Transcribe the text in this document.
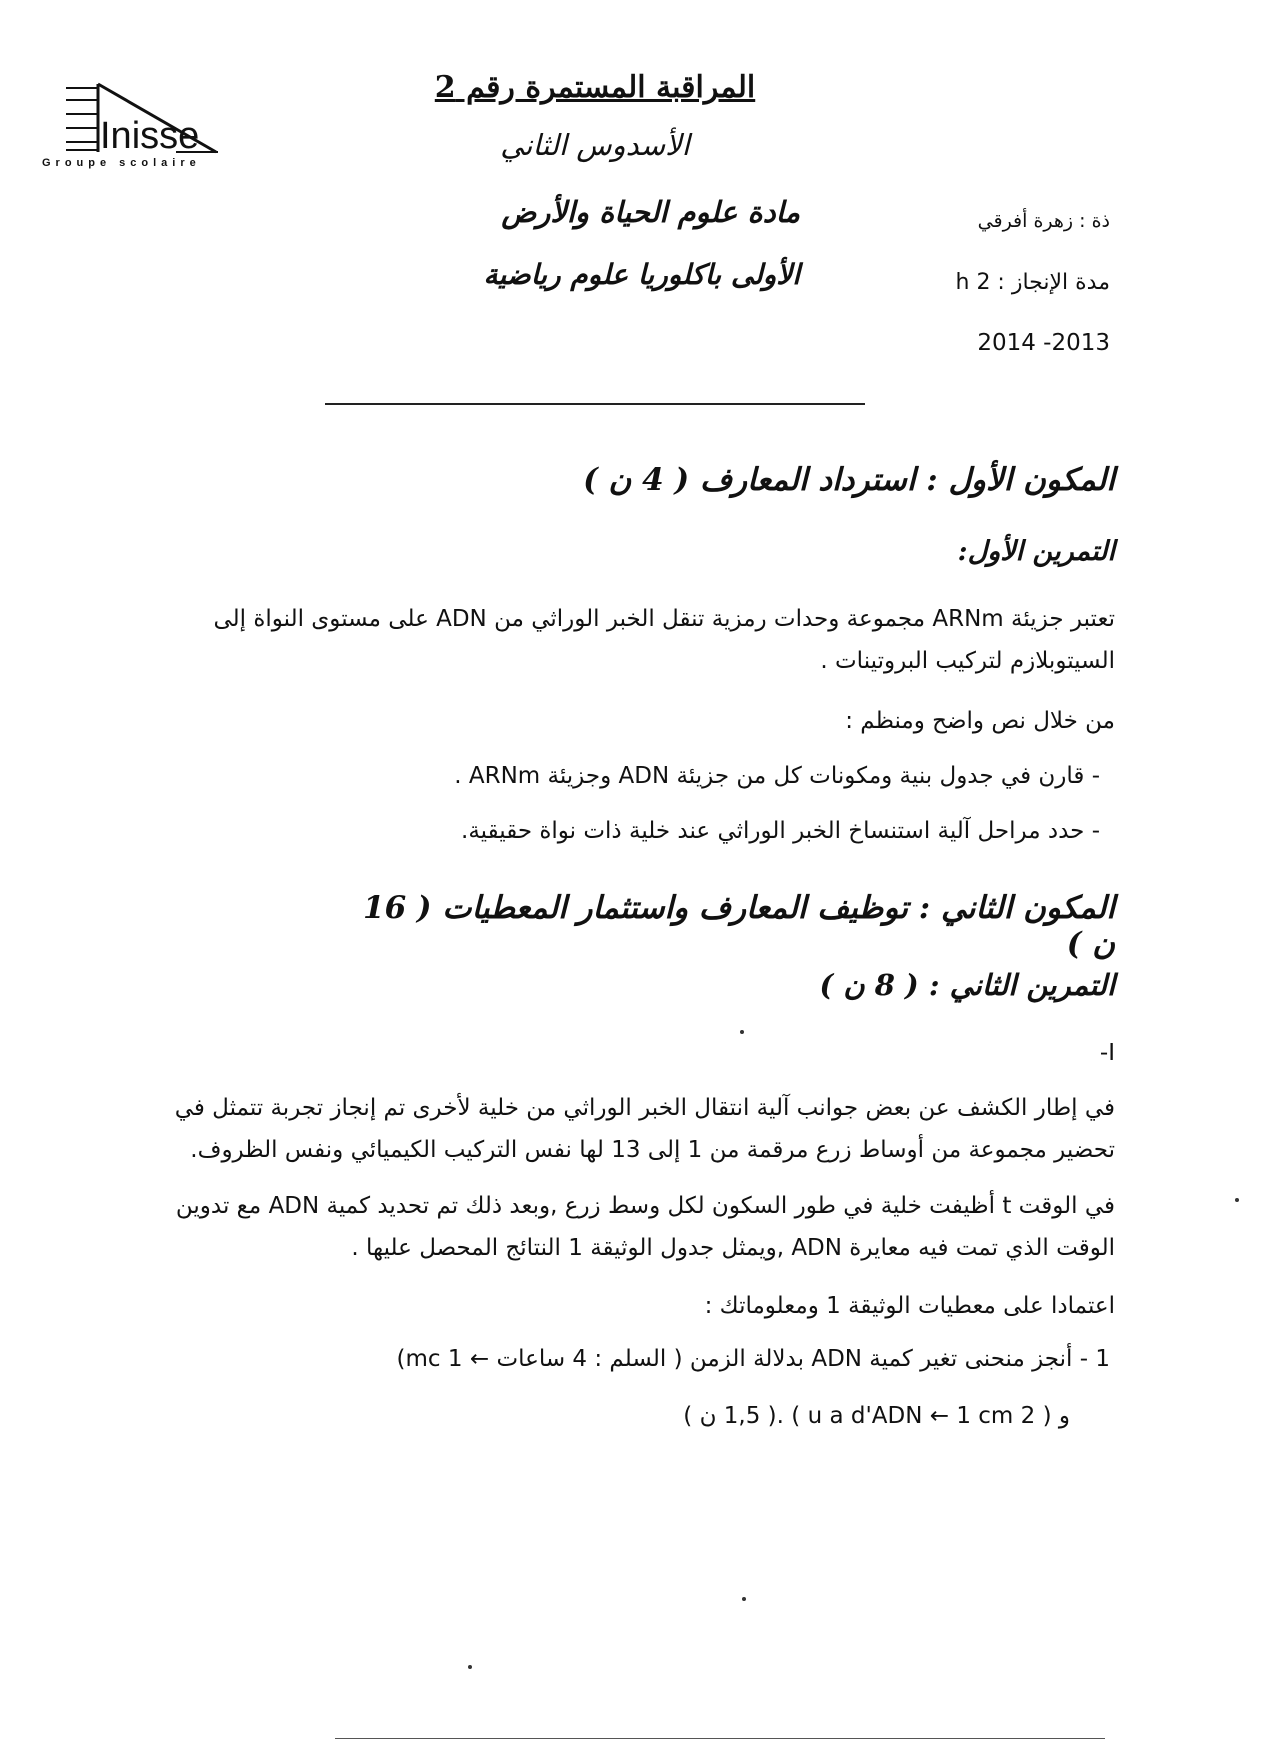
Inisse
Groupe scolaire
المراقبة المستمرة رقم 2
الأسدوس الثاني
مادة علوم الحياة والأرض
الأولى باكلوريا علوم رياضية
ذة : زهرة أفرقي
مدة الإنجاز : 2 h
2014 -2013
المكون الأول : استرداد المعارف ( 4 ن )
التمرين الأول:
تعتبر جزيئة ARNm مجموعة وحدات رمزية تنقل الخبر الوراثي من ADN على مستوى النواة إلى السيتوبلازم لتركيب البروتينات .
من خلال نص واضح ومنظم :
- قارن في جدول بنية ومكونات كل من جزيئة ADN وجزيئة ARNm .
- حدد مراحل آلية استنساخ الخبر الوراثي عند خلية ذات نواة حقيقية.
المكون الثاني : توظيف المعارف واستثمار المعطيات ( 16 ن )
التمرين الثاني : ( 8 ن )
-I
في إطار الكشف عن بعض جوانب آلية انتقال الخبر الوراثي من خلية لأخرى تم إنجاز تجربة تتمثل في تحضير مجموعة من أوساط زرع مرقمة من 1 إلى 13 لها نفس التركيب الكيميائي ونفس الظروف.
في الوقت t أظيفت خلية في طور السكون لكل وسط زرع ,وبعد ذلك تم تحديد كمية ADN مع تدوين الوقت الذي تمت فيه معايرة ADN ,ويمثل جدول الوثيقة 1 النتائج المحصل عليها .
اعتمادا على معطيات الوثيقة 1 ومعلوماتك :
1 - أنجز منحنى تغير كمية ADN بدلالة الزمن ( السلم : 4 ساعات ← 1 mc)
و ( 2 u a d'ADN ← 1 cm ) .( 1,5 ن )
